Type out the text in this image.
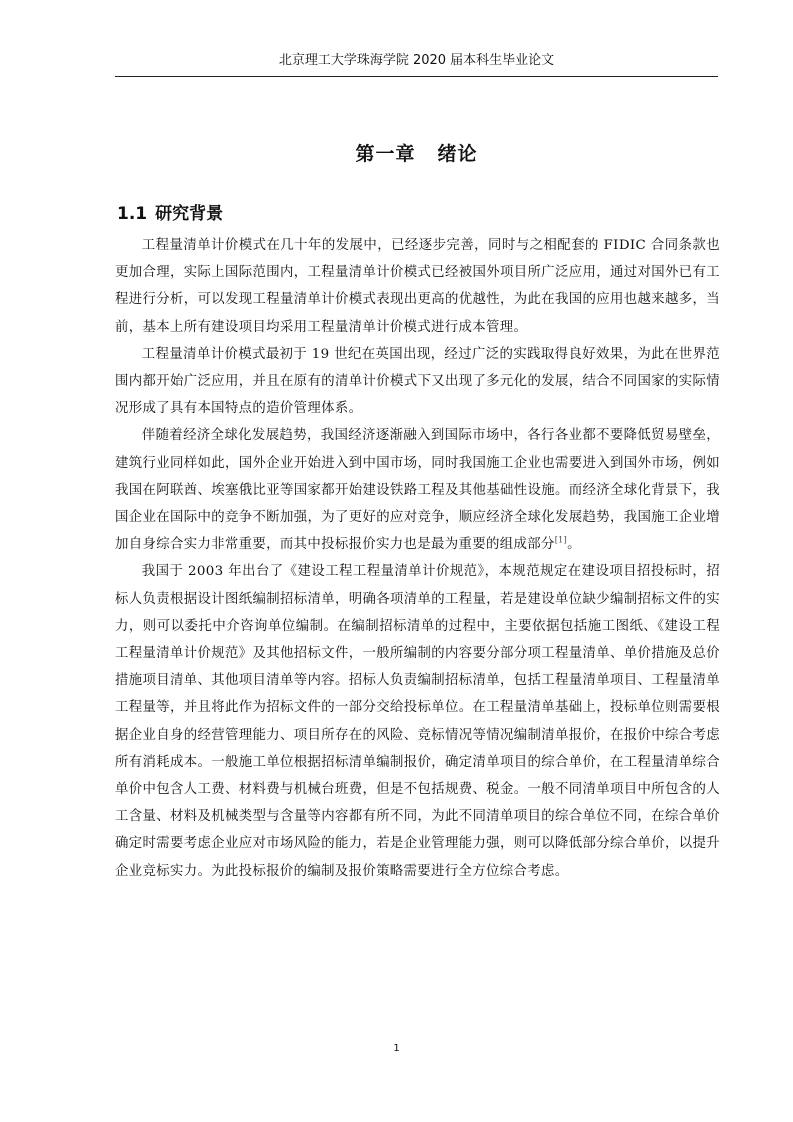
北京理工大学珠海学院 2020 届本科生毕业论文
第一章 绪论
1.1 研究背景

工程量清单计价模式在几十年的发展中，已经逐步完善，同时与之相配套的 FIDIC 合同条款也更加合理，实际上国际范围内，工程量清单计价模式已经被国外项目所广泛应用，通过对国外已有工程进行分析，可以发现工程量清单计价模式表现出更高的优越性，为此在我国的应用也越来越多，当前，基本上所有建设项目均采用工程量清单计价模式进行成本管理。

工程量清单计价模式最初于 19 世纪在英国出现，经过广泛的实践取得良好效果，为此在世界范围内都开始广泛应用，并且在原有的清单计价模式下又出现了多元化的发展，结合不同国家的实际情况形成了具有本国特点的造价管理体系。

伴随着经济全球化发展趋势，我国经济逐渐融入到国际市场中，各行各业都不要降低贸易壁垒，建筑行业同样如此，国外企业开始进入到中国市场，同时我国施工企业也需要进入到国外市场，例如我国在阿联酋、埃塞俄比亚等国家都开始建设铁路工程及其他基础性设施。而经济全球化背景下，我国企业在国际中的竞争不断加强，为了更好的应对竞争，顺应经济全球化发展趋势，我国施工企业增加自身综合实力非常重要，而其中投标报价实力也是最为重要的组成部分[1]。

我国于 2003 年出台了《建设工程工程量清单计价规范》，本规范规定在建设项目招投标时，招标人负责根据设计图纸编制招标清单，明确各项清单的工程量，若是建设单位缺少编制招标文件的实力，则可以委托中介咨询单位编制。在编制招标清单的过程中，主要依据包括施工图纸、《建设工程工程量清单计价规范》及其他招标文件，一般所编制的内容要分部分项工程量清单、单价措施及总价措施项目清单、其他项目清单等内容。招标人负责编制招标清单，包括工程量清单项目、工程量清单工程量等，并且将此作为招标文件的一部分交给投标单位。在工程量清单基础上，投标单位则需要根据企业自身的经营管理能力、项目所存在的风险、竞标情况等情况编制清单报价，在报价中综合考虑所有消耗成本。一般施工单位根据招标清单编制报价，确定清单项目的综合单价，在工程量清单综合单价中包含人工费、材料费与机械台班费，但是不包括规费、税金。一般不同清单项目中所包含的人工含量、材料及机械类型与含量等内容都有所不同，为此不同清单项目的综合单位不同，在综合单价确定时需要考虑企业应对市场风险的能力，若是企业管理能力强，则可以降低部分综合单价，以提升企业竞标实力。为此投标报价的编制及报价策略需要进行全方位综合考虑。

1
